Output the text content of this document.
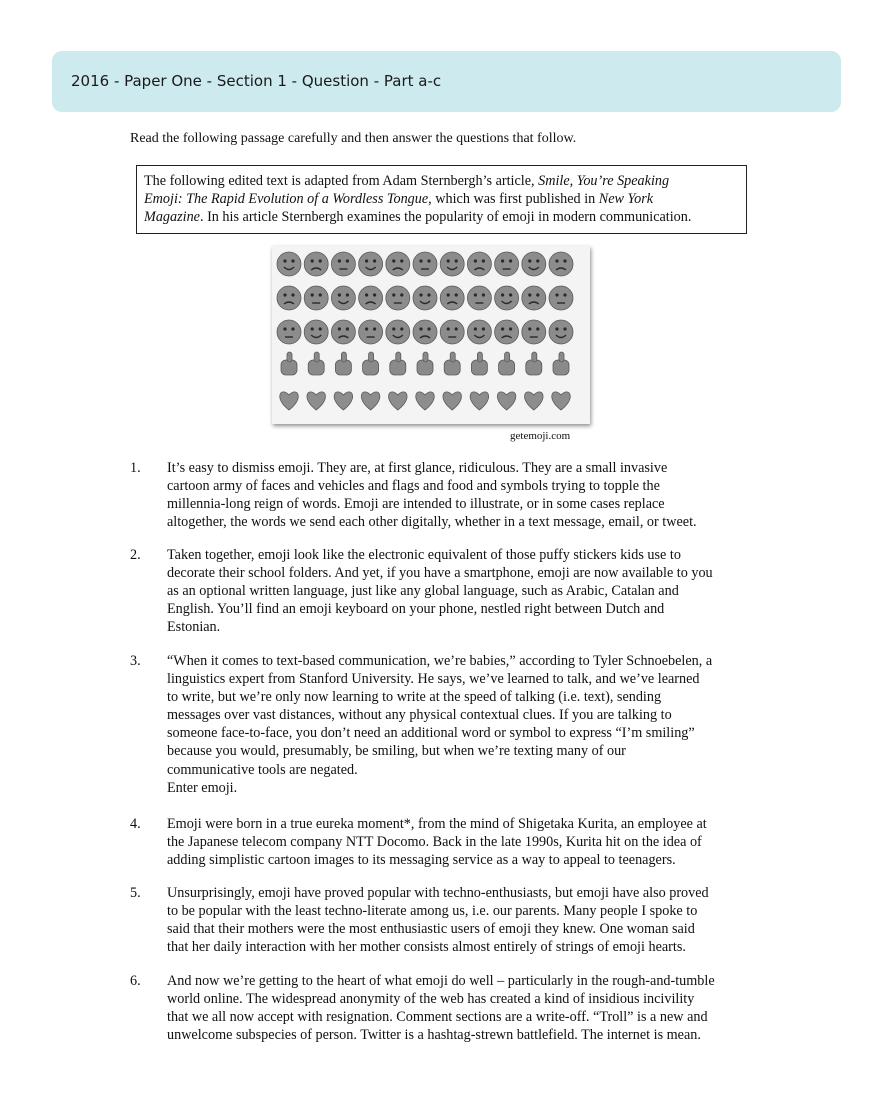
2016 - Paper One - Section 1 - Question - Part a-c
Read the following passage carefully and then answer the questions that follow.
The following edited text is adapted from Adam Sternbergh’s article, Smile, You’re Speaking
Emoji: The Rapid Evolution of a Wordless Tongue, which was first published in New York
Magazine. In his article Sternbergh examines the popularity of emoji in modern communication.
getemoji.com
1. It’s easy to dismiss emoji. They are, at first glance, ridiculous. They are a small invasive
cartoon army of faces and vehicles and flags and food and symbols trying to topple the
millennia-long reign of words. Emoji are intended to illustrate, or in some cases replace
altogether, the words we send each other digitally, whether in a text message, email, or tweet.
2. Taken together, emoji look like the electronic equivalent of those puffy stickers kids use to
decorate their school folders. And yet, if you have a smartphone, emoji are now available to you
as an optional written language, just like any global language, such as Arabic, Catalan and
English. You’ll find an emoji keyboard on your phone, nestled right between Dutch and
Estonian.
3. “When it comes to text-based communication, we’re babies,” according to Tyler Schnoebelen, a
linguistics expert from Stanford University. He says, we’ve learned to talk, and we’ve learned
to write, but we’re only now learning to write at the speed of talking (i.e. text), sending
messages over vast distances, without any physical contextual clues. If you are talking to
someone face-to-face, you don’t need an additional word or symbol to express “I’m smiling”
because you would, presumably, be smiling, but when we’re texting many of our
communicative tools are negated.
Enter emoji.
4. Emoji were born in a true eureka moment*, from the mind of Shigetaka Kurita, an employee at
the Japanese telecom company NTT Docomo. Back in the late 1990s, Kurita hit on the idea of
adding simplistic cartoon images to its messaging service as a way to appeal to teenagers.
5. Unsurprisingly, emoji have proved popular with techno-enthusiasts, but emoji have also proved
to be popular with the least techno-literate among us, i.e. our parents. Many people I spoke to
said that their mothers were the most enthusiastic users of emoji they knew. One woman said
that her daily interaction with her mother consists almost entirely of strings of emoji hearts.
6. And now we’re getting to the heart of what emoji do well – particularly in the rough-and-tumble
world online. The widespread anonymity of the web has created a kind of insidious incivility
that we all now accept with resignation. Comment sections are a write-off. “Troll” is a new and
unwelcome subspecies of person. Twitter is a hashtag-strewn battlefield. The internet is mean.
